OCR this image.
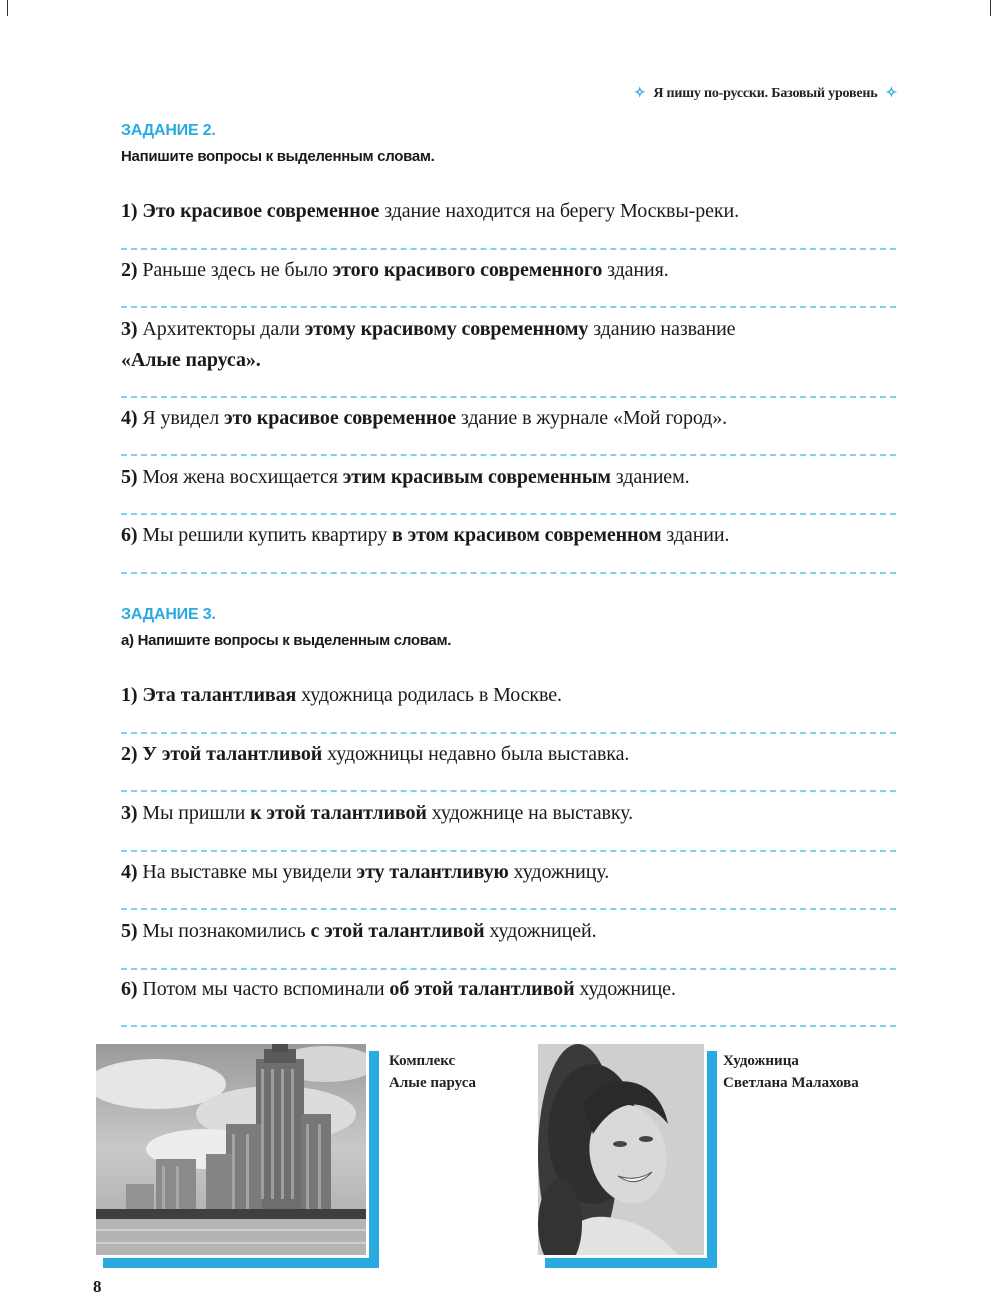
✧ Я пишу по-русски. Базовый уровень ✧
ЗАДАНИЕ 2.
Напишите вопросы к выделенным словам.
1) Это красивое современное здание находится на берегу Москвы-реки.
2) Раньше здесь не было этого красивого современного здания.
3) Архитекторы дали этому красивому современному зданию название
«Алые паруса».
4) Я увидел это красивое современное здание в журнале «Мой город».
5) Моя жена восхищается этим красивым современным зданием.
6) Мы решили купить квартиру в этом красивом современном здании.
ЗАДАНИЕ 3.
а) Напишите вопросы к выделенным словам.
1) Эта талантливая художница родилась в Москве.
2) У этой талантливой художницы недавно была выставка.
3) Мы пришли к этой талантливой художнице на выставку.
4) На выставке мы увидели эту талантливую художницу.
5) Мы познакомились с этой талантливой художницей.
6) Потом мы часто вспоминали об этой талантливой художнице.
Комплекс
Алые паруса
Художница
Светлана Малахова
8
